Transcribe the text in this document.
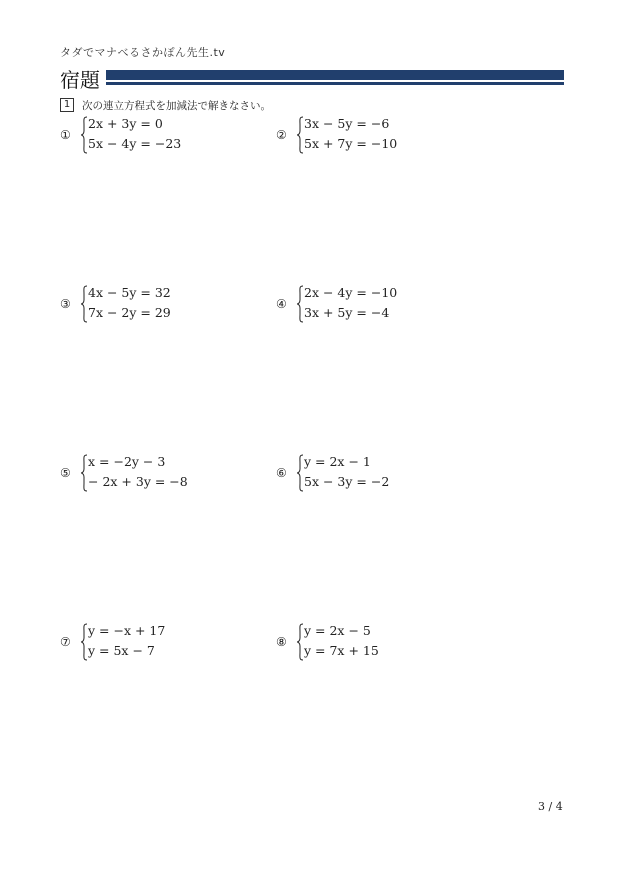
タダでマナべるさかぽん先生.tv
宿題
1	次の連立方程式を加減法で解きなさい。
①
2x + 3y = 0
5x − 4y = −23
②
3x − 5y = −6
5x + 7y = −10
③
4x − 5y = 32
7x − 2y = 29
④
2x − 4y = −10
3x + 5y = −4
⑤
x = −2y − 3
− 2x + 3y = −8
⑥
y = 2x − 1
5x − 3y = −2
⑦
y = −x + 17
y = 5x − 7
⑧
y = 2x − 5
y = 7x + 15
3 / 4
